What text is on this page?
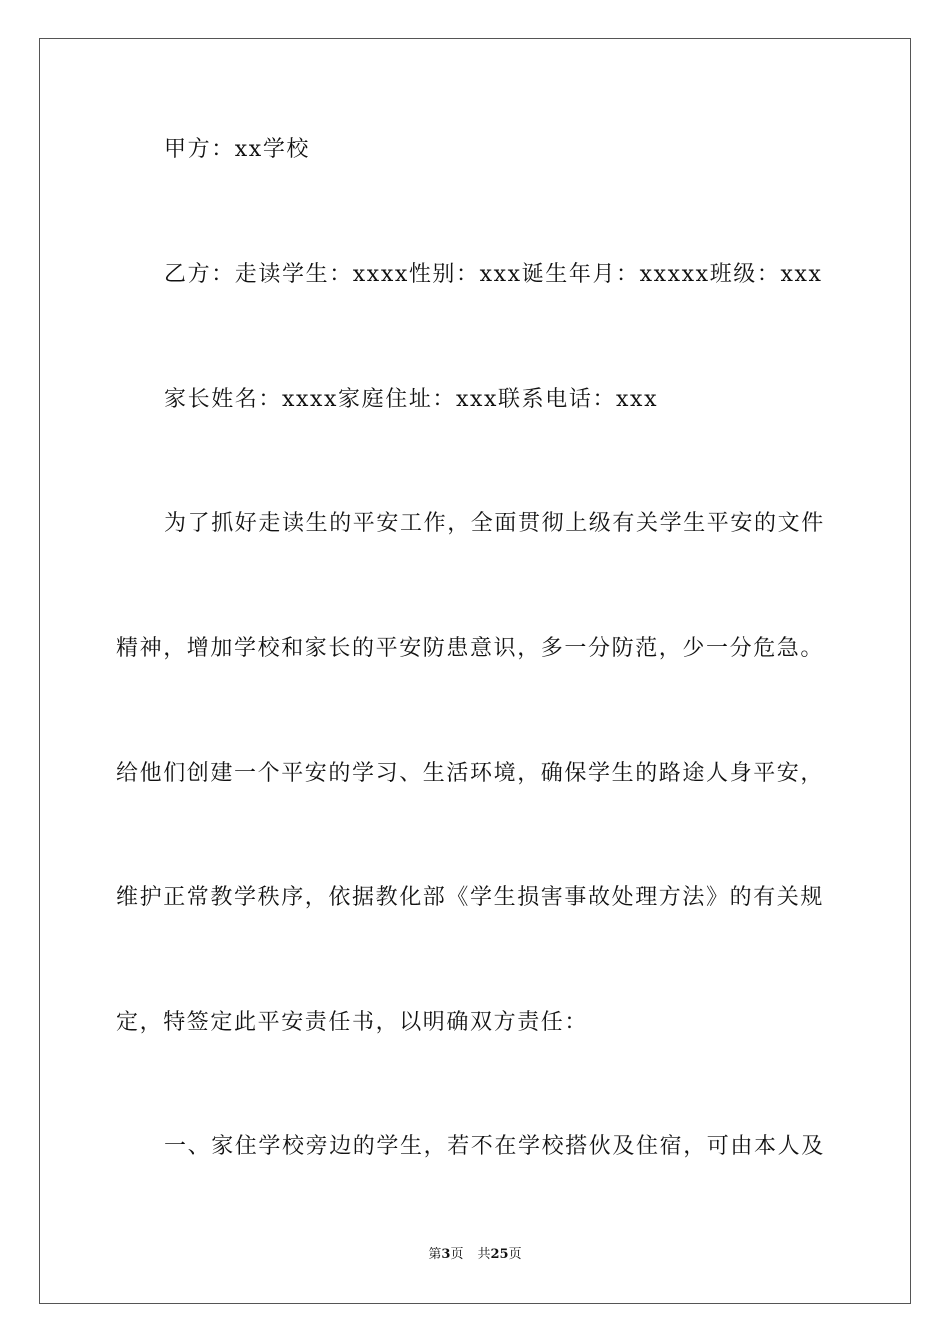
甲方：xx学校
乙方：走读学生：xxxx性别：xxx诞生年月：xxxxx班级：xxx
家长姓名：xxxx家庭住址：xxx联系电话：xxx
为了抓好走读生的平安工作，全面贯彻上级有关学生平安的文件
精神，增加学校和家长的平安防患意识，多一分防范，少一分危急。
给他们创建一个平安的学习、生活环境，确保学生的路途人身平安，
维护正常教学秩序，依据教化部《学生损害事故处理方法》的有关规
定，特签定此平安责任书，以明确双方责任：
一、家住学校旁边的学生，若不在学校搭伙及住宿，可由本人及
第3页 共25页
